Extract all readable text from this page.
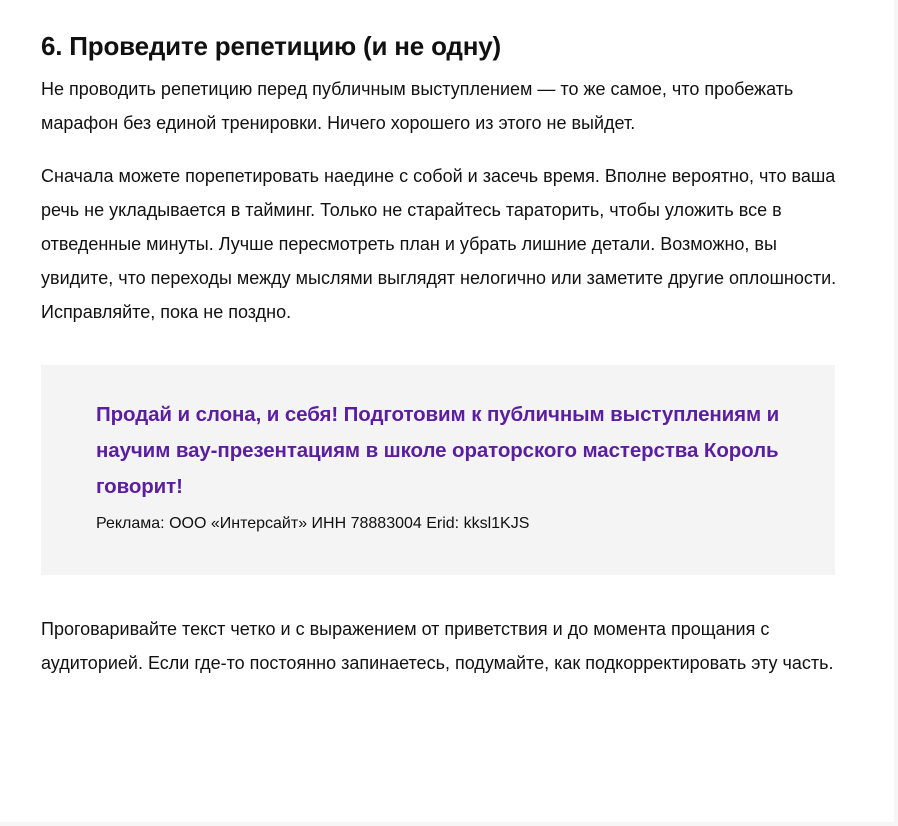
6. Проведите репетицию (и не одну)

Не проводить репетицию перед публичным выступлением — то же самое, что пробежать марафон без единой тренировки. Ничего хорошего из этого не выйдет.

Сначала можете порепетировать наедине с собой и засечь время. Вполне вероятно, что ваша речь не укладывается в тайминг. Только не старайтесь тараторить, чтобы уложить все в отведенные минуты. Лучше пересмотреть план и убрать лишние детали. Возможно, вы увидите, что переходы между мыслями выглядят нелогично или заметите другие оплошности. Исправляйте, пока не поздно.

Продай и слона, и себя! Подготовим к публичным выступлениям и научим вау-презентациям в школе ораторского мастерства Король говорит!

Реклама: ООО «Интерсайт» ИНН 78883004 Erid: kksl1KJS

Проговаривайте текст четко и с выражением от приветствия и до момента прощания с аудиторией. Если где-то постоянно запинаетесь, подумайте, как подкорректировать эту часть.
